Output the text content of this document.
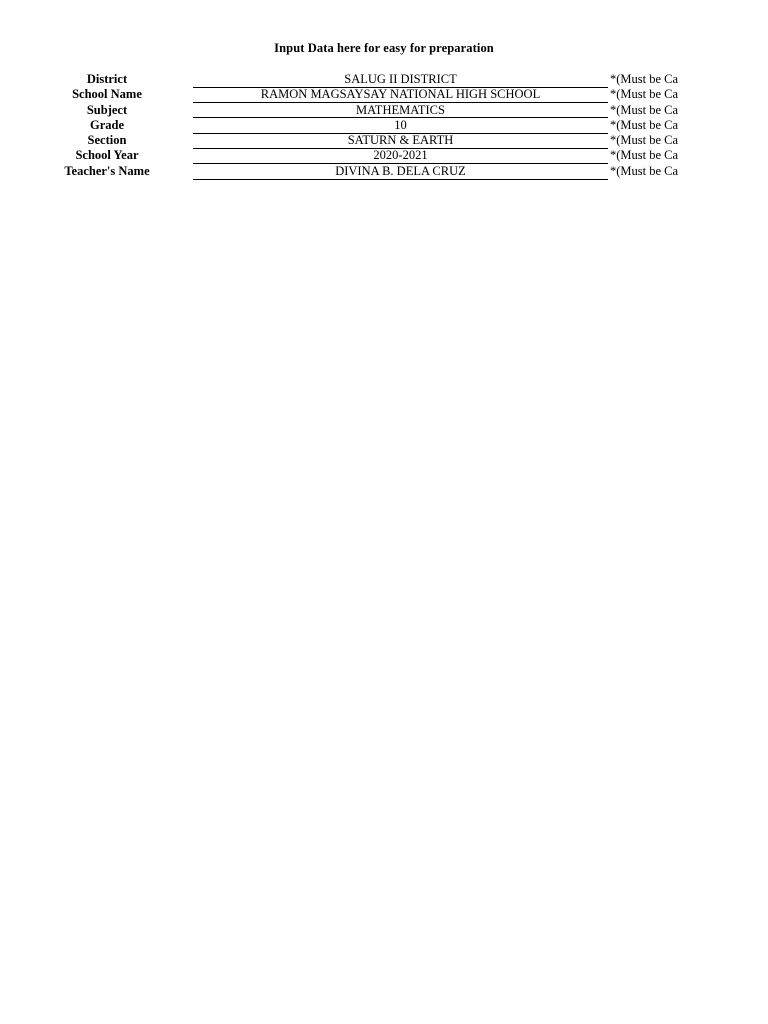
Input Data here for easy for preparation
District	SALUG II DISTRICT	*(Must be Ca
School Name	RAMON MAGSAYSAY NATIONAL HIGH SCHOOL	*(Must be Ca
Subject	MATHEMATICS	*(Must be Ca
Grade	10	*(Must be Ca
Section	SATURN & EARTH	*(Must be Ca
School Year	2020-2021	*(Must be Ca
Teacher's Name	DIVINA B. DELA CRUZ	*(Must be Ca
